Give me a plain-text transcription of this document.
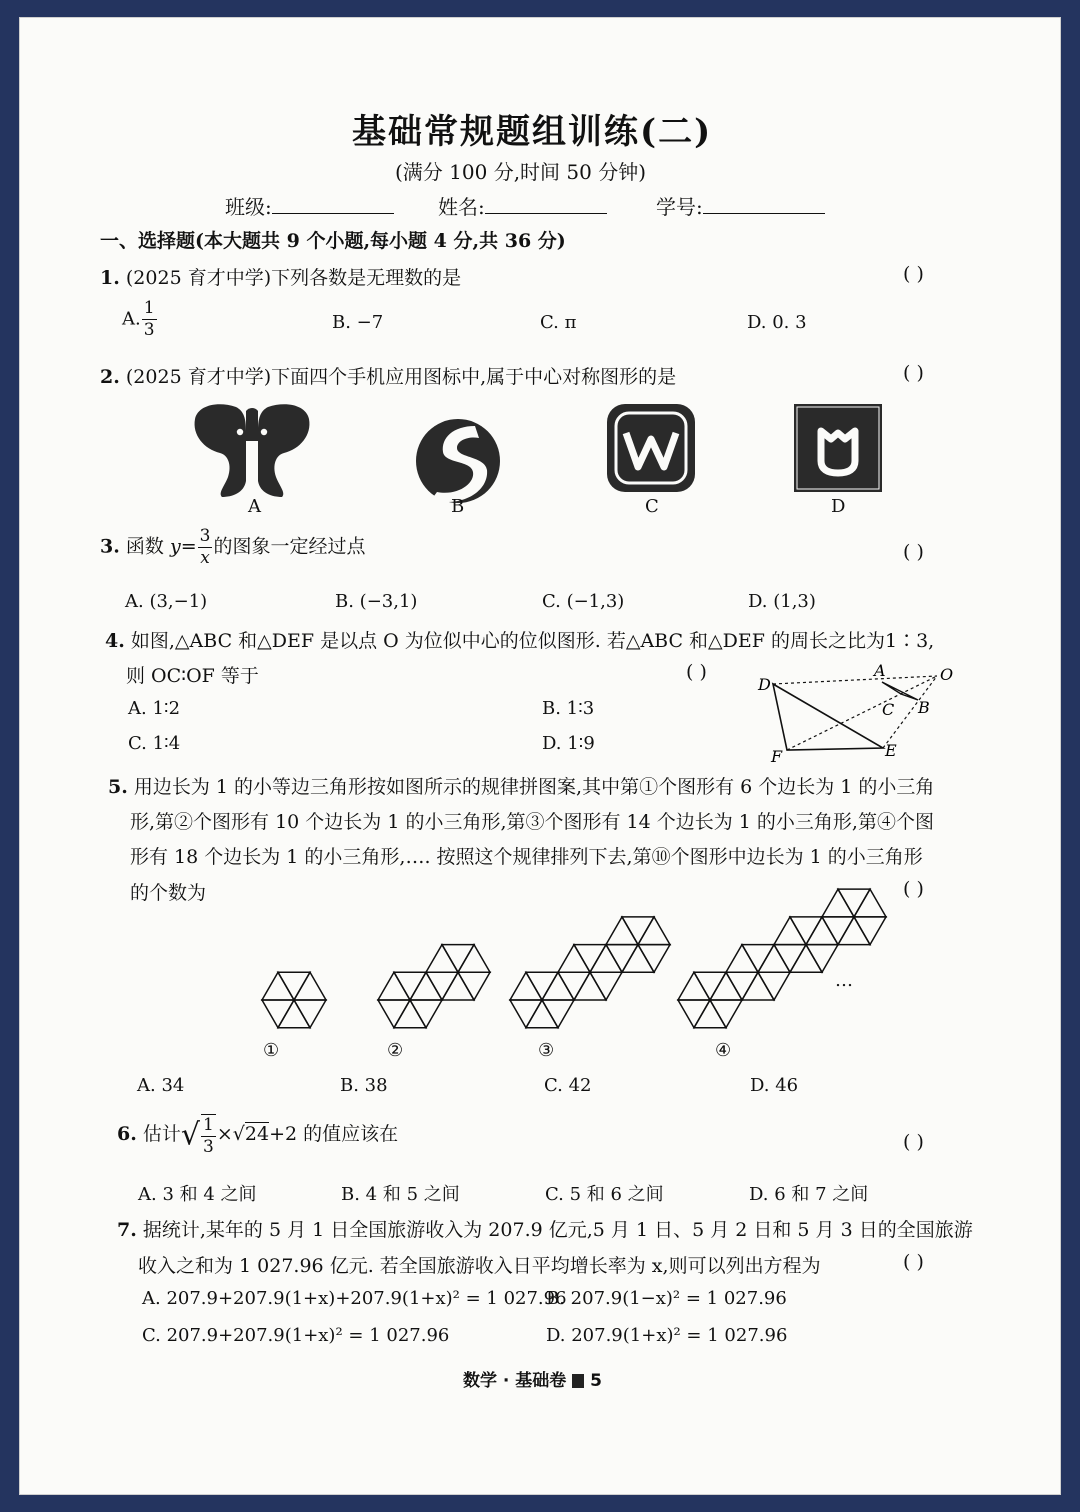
基础常规题组训练(二)
(满分 100 分,时间 50 分钟)
班级:	姓名:	学号:
一、选择题(本大题共 9 个小题,每小题 4 分,共 36 分)
1. (2025 育才中学)下列各数是无理数的是	( )
A. $\frac{1}{3}$	B. −7	C. π	D. 0. 3
2. (2025 育才中学)下面四个手机应用图标中,属于中心对称图形的是	( )
A	B	C	D
3. 函数 $y= \frac{3}{x}$ 的图象一定经过点	( )
A. (3,−1)	B. (−3,1)	C. (−1,3)	D. (1,3)
4. 如图,△ABC 和△DEF 是以点 O 为位似中心的位似图形. 若△ABC 和△DEF 的周长之比为1∶3,
则 OC∶OF 等于	( )
A. 1∶2	B. 1∶3
C. 1∶4	D. 1∶9
A	O
D
C B
F	E
5. 用边长为 1 的小等边三角形按如图所示的规律拼图案,其中第①个图形有 6 个边长为 1 的小三角
形,第②个图形有 10 个边长为 1 的小三角形,第③个图形有 14 个边长为 1 的小三角形,第④个图
形有 18 个边长为 1 的小三角形,…. 按照这个规律排列下去,第⑩个图形中边长为 1 的小三角形
的个数为	( )
…
①	②	③	④
A. 34	B. 38	C. 42	D. 46
6. 估计√ $\frac{1}{3} \times√24+2$ 的值应该在	( )
A. 3 和 4 之间	B. 4 和 5 之间	C. 5 和 6 之间	D. 6 和 7 之间
7. 据统计,某年的 5 月 1 日全国旅游收入为 207.9 亿元,5 月 1 日、5 月 2 日和 5 月 3 日的全国旅游
收入之和为 1 027.96 亿元. 若全国旅游收入日平均增长率为 x,则可以列出方程为	( )
A. 207.9+207.9(1+x)+207.9(1+x)² = 1 027.96
B. 207.9(1−x)² = 1 027.96
C. 207.9+207.9(1+x)² = 1 027.96	D. 207.9(1+x)² = 1 027.96
数学 · 基础卷 5
